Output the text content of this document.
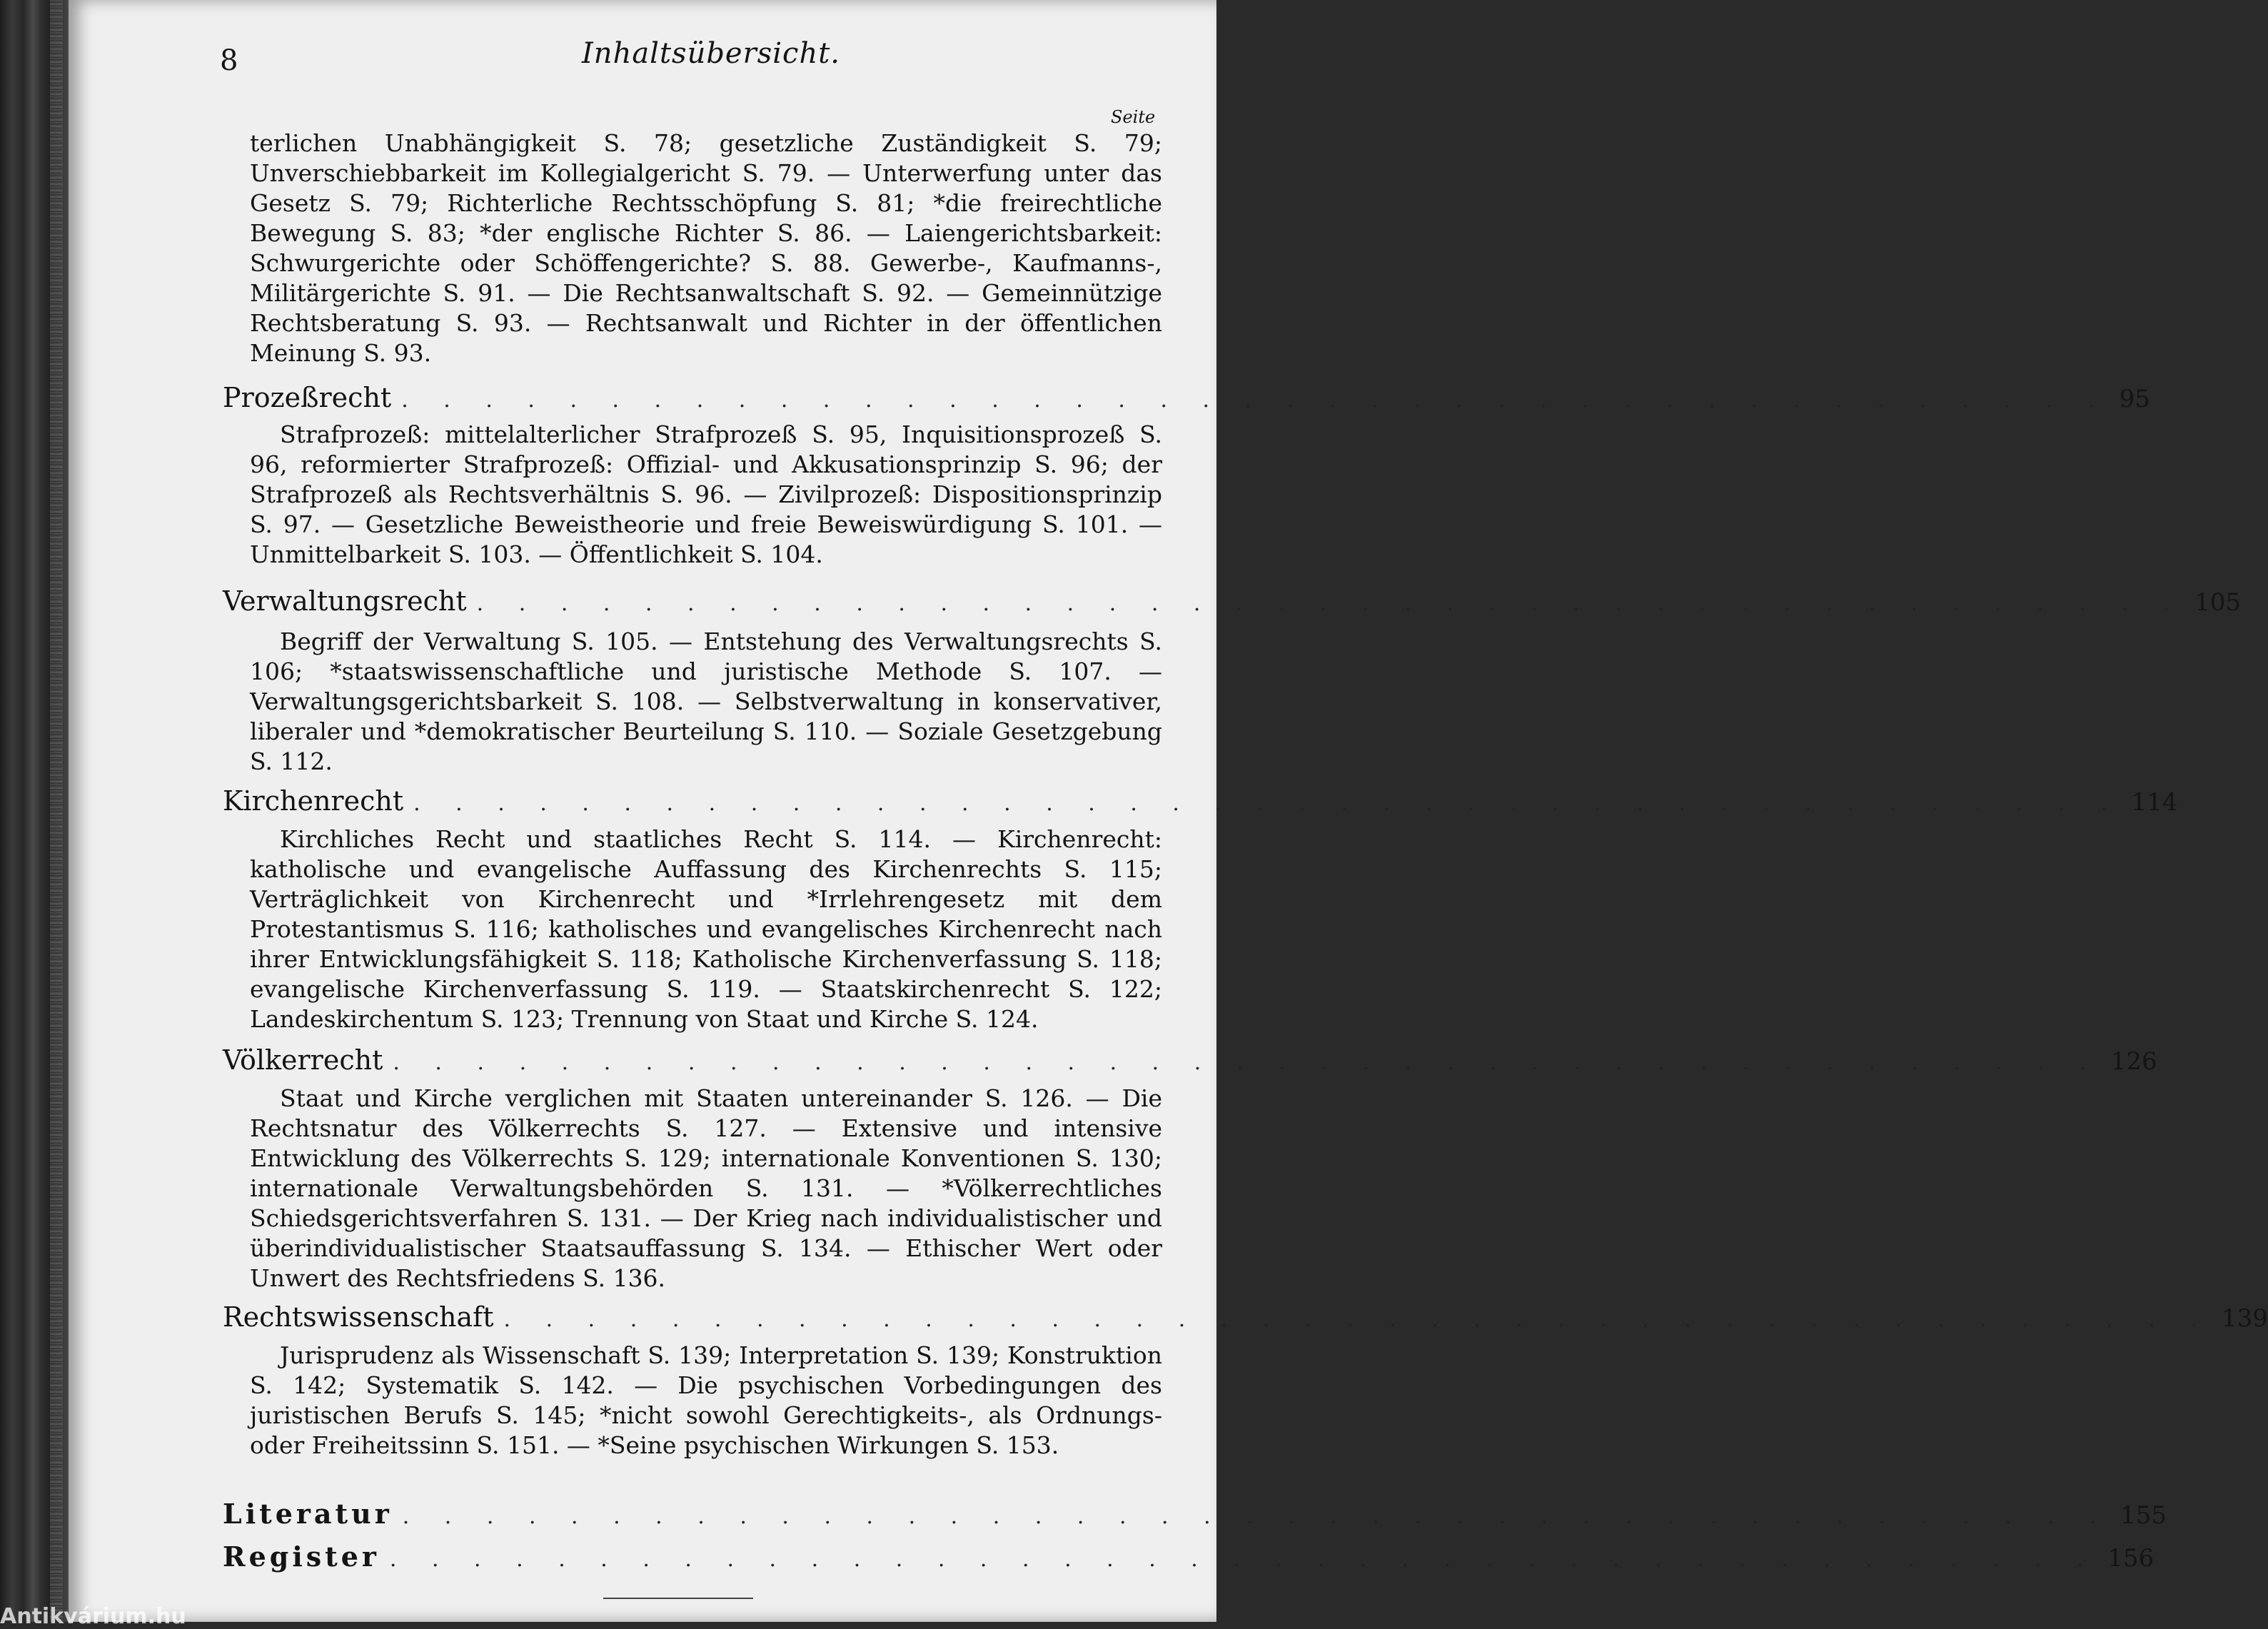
8	Inhaltsübersicht.
Seite
terlichen Unabhängigkeit S. 78; gesetzliche Zuständigkeit S. 79; Unverschiebbarkeit im Kollegialgericht S. 79. — Unterwerfung unter das Gesetz S. 79; Richterliche Rechtsschöpfung S. 81; *die freirechtliche Bewegung S. 83; *der englische Richter S. 86. — Laiengerichtsbarkeit: Schwurgerichte oder Schöffengerichte? S. 88. Gewerbe-, Kaufmanns-, Militärgerichte S. 91. — Die Rechtsanwaltschaft S. 92. — Gemeinnützige Rechtsberatung S. 93. — Rechtsanwalt und Richter in der öffentlichen Meinung S. 93.
Prozeßrecht . . . . . . . . . . . . . . . . . . . . . . . . . . . . . . . . . . . . . . . . . 95
Strafprozeß: mittelalterlicher Strafprozeß S. 95, Inquisitionsprozeß S. 96, reformierter Strafprozeß: Offizial- und Akkusationsprinzip S. 96; der Strafprozeß als Rechtsverhältnis S. 96. — Zivilprozeß: Dispositionsprinzip S. 97. — Gesetzliche Beweistheorie und freie Beweiswürdigung S. 101. — Unmittelbarkeit S. 103. — Öffentlichkeit S. 104.
Verwaltungsrecht . . . . . . . . . . . . . . . . . . . . . . . . . . . . . . . . . . . . . . . . . 105
Begriff der Verwaltung S. 105. — Entstehung des Verwaltungsrechts S. 106; *staatswissenschaftliche und juristische Methode S. 107. — Verwaltungsgerichtsbarkeit S. 108. — Selbstverwaltung in konservativer, liberaler und *demokratischer Beurteilung S. 110. — Soziale Gesetzgebung S. 112.
Kirchenrecht . . . . . . . . . . . . . . . . . . . . . . . . . . . . . . . . . . . . . . . . . 114
Kirchliches Recht und staatliches Recht S. 114. — Kirchenrecht: katholische und evangelische Auffassung des Kirchenrechts S. 115; Verträglichkeit von Kirchenrecht und *Irrlehrengesetz mit dem Protestantismus S. 116; katholisches und evangelisches Kirchenrecht nach ihrer Entwicklungsfähigkeit S. 118; Katholische Kirchenverfassung S. 118; evangelische Kirchenverfassung S. 119. — Staatskirchenrecht S. 122; Landeskirchentum S. 123; Trennung von Staat und Kirche S. 124.
Völkerrecht . . . . . . . . . . . . . . . . . . . . . . . . . . . . . . . . . . . . . . . . . 126
Staat und Kirche verglichen mit Staaten untereinander S. 126. — Die Rechtsnatur des Völkerrechts S. 127. — Extensive und intensive Entwicklung des Völkerrechts S. 129; internationale Konventionen S. 130; internationale Verwaltungsbehörden S. 131. — *Völkerrechtliches Schiedsgerichtsverfahren S. 131. — Der Krieg nach individualistischer und überindividualistischer Staatsauffassung S. 134. — Ethischer Wert oder Unwert des Rechtsfriedens S. 136.
Rechtswissenschaft . . . . . . . . . . . . . . . . . . . . . . . . . . . . . . . . . . . . . . . . . 139
Jurisprudenz als Wissenschaft S. 139; Interpretation S. 139; Konstruktion S. 142; Systematik S. 142. — Die psychischen Vorbedingungen des juristischen Berufs S. 145; *nicht sowohl Gerechtigkeits-, als Ordnungs- oder Freiheitssinn S. 151. — *Seine psychischen Wirkungen S. 153.
Literatur . . . . . . . . . . . . . . . . . . . . . . . . . . . . . . . . . . . . . . . . . 155
Register . . . . . . . . . . . . . . . . . . . . . . . . . . . . . . . . . . . . . . . . . 156
Antikvárium.hu
